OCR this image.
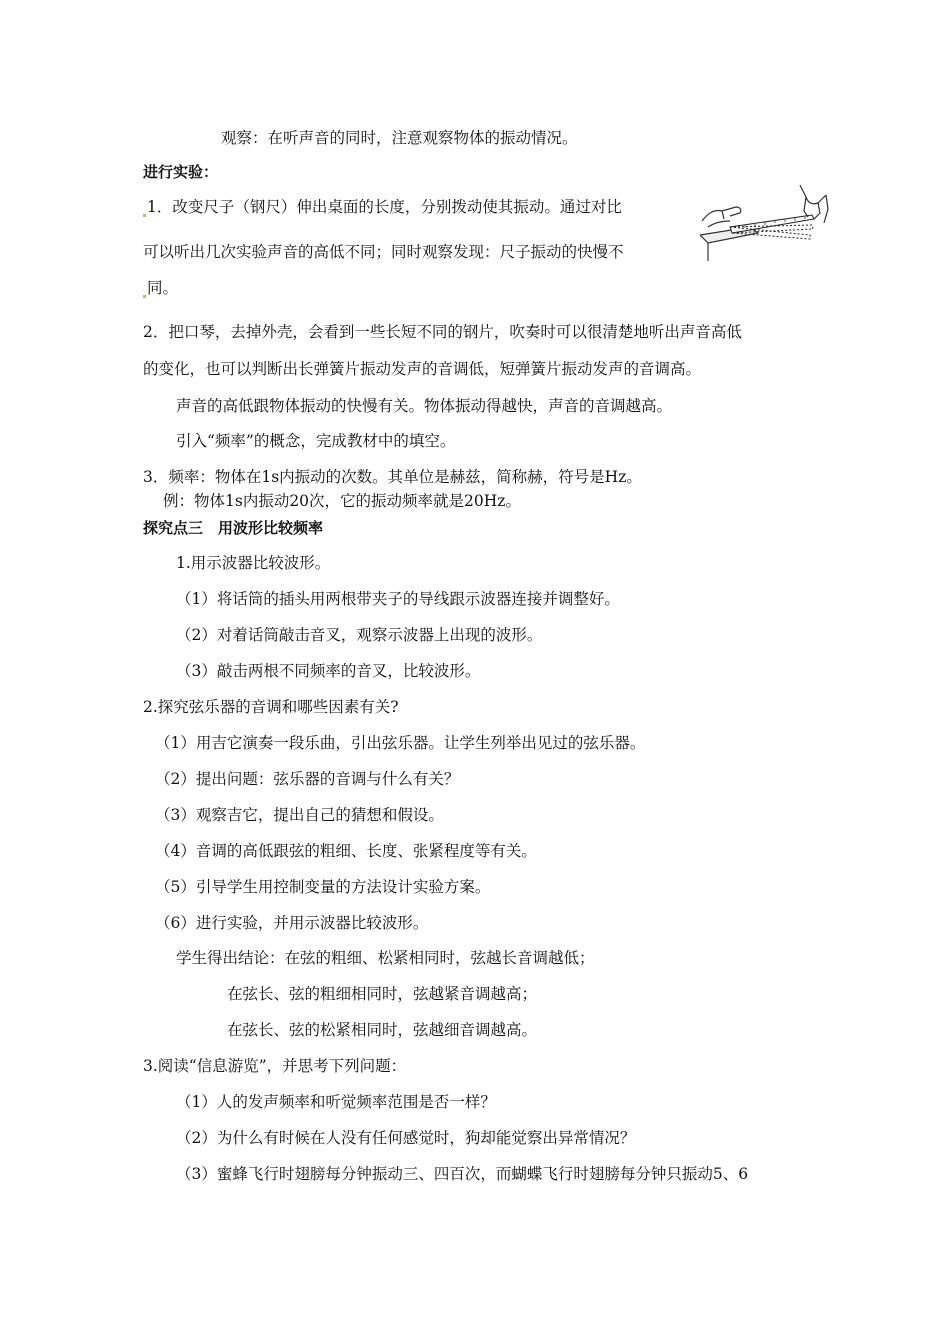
观察：在听声音的同时，注意观察物体的振动情况。
进行实验：
1．改变尺子（钢尺）伸出桌面的长度，分别拨动使其振动。通过对比
可以听出几次实验声音的高低不同；同时观察发现：尺子振动的快慢不
同。
2．把口琴，去掉外壳，会看到一些长短不同的钢片，吹奏时可以很清楚地听出声音高低
的变化，也可以判断出长弹簧片振动发声的音调低，短弹簧片振动发声的音调高。
声音的高低跟物体振动的快慢有关。物体振动得越快，声音的音调越高。
引入“频率”的概念，完成教材中的填空。
3．频率：物体在1s内振动的次数。其单位是赫兹，简称赫，符号是Hz。
例：物体1s内振动20次，它的振动频率就是20Hz。
探究点三　用波形比较频率
1.用示波器比较波形。
（1）将话筒的插头用两根带夹子的导线跟示波器连接并调整好。
（2）对着话筒敲击音叉，观察示波器上出现的波形。
（3）敲击两根不同频率的音叉，比较波形。
2.探究弦乐器的音调和哪些因素有关?
（1）用吉它演奏一段乐曲，引出弦乐器。让学生列举出见过的弦乐器。
（2）提出问题：弦乐器的音调与什么有关？
（3）观察吉它，提出自己的猜想和假设。
（4）音调的高低跟弦的粗细、长度、张紧程度等有关。
（5）引导学生用控制变量的方法设计实验方案。
（6）进行实验，并用示波器比较波形。
学生得出结论：在弦的粗细、松紧相同时，弦越长音调越低；
在弦长、弦的粗细相同时，弦越紧音调越高；
在弦长、弦的松紧相同时，弦越细音调越高。
3.阅读“信息游览”，并思考下列问题：
（1）人的发声频率和听觉频率范围是否一样？
（2）为什么有时候在人没有任何感觉时，狗却能觉察出异常情况？
（3）蜜蜂飞行时翅膀每分钟振动三、四百次，而蝴蝶飞行时翅膀每分钟只振动5、6
